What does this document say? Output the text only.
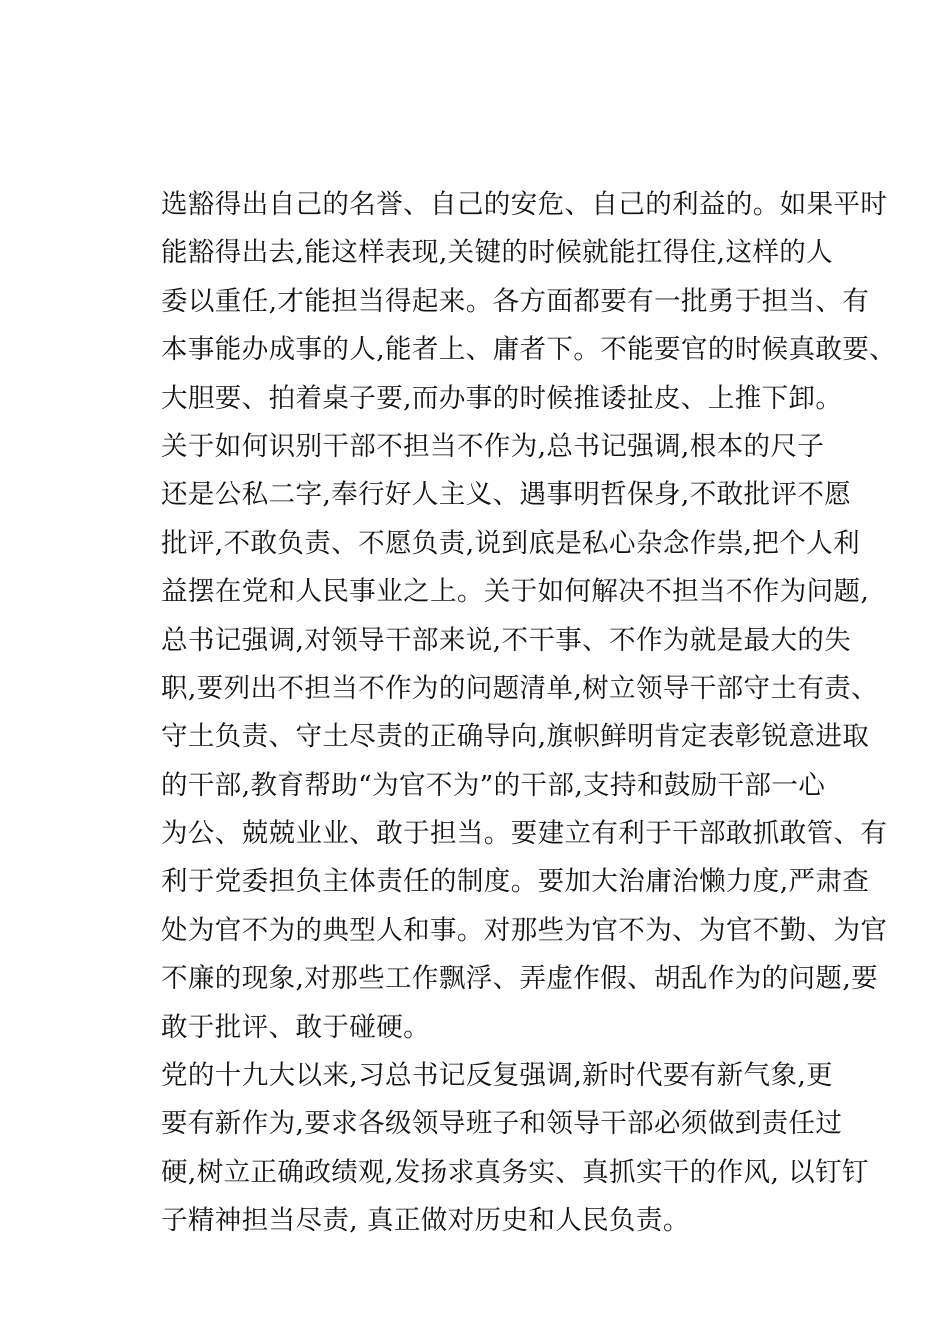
选豁得出自己的名誉、自己的安危、自己的利益的。如果平时
能豁得出去,能这样表现,关键的时候就能扛得住,这样的人
委以重任,才能担当得起来。各方面都要有一批勇于担当、有
本事能办成事的人,能者上、庸者下。不能要官的时候真敢要、
大胆要、拍着桌子要,而办事的时候推诿扯皮、上推下卸。
关于如何识别干部不担当不作为,总书记强调,根本的尺子
还是公私二字,奉行好人主义、遇事明哲保身,不敢批评不愿
批评,不敢负责、不愿负责,说到底是私心杂念作祟,把个人利
益摆在党和人民事业之上。关于如何解决不担当不作为问题,
总书记强调,对领导干部来说,不干事、不作为就是最大的失
职,要列出不担当不作为的问题清单,树立领导干部守土有责、
守土负责、守土尽责的正确导向,旗帜鲜明肯定表彰锐意进取
的干部,教育帮助“为官不为”的干部,支持和鼓励干部一心
为公、兢兢业业、敢于担当。要建立有利于干部敢抓敢管、有
利于党委担负主体责任的制度。要加大治庸治懒力度,严肃查
处为官不为的典型人和事。对那些为官不为、为官不勤、为官
不廉的现象,对那些工作飘浮、弄虚作假、胡乱作为的问题,要
敢于批评、敢于碰硬。
党的十九大以来,习总书记反复强调,新时代要有新气象,更
要有新作为,要求各级领导班子和领导干部必须做到责任过
硬,树立正确政绩观,发扬求真务实、真抓实干的作风, 以钉钉
子精神担当尽责, 真正做对历史和人民负责。
